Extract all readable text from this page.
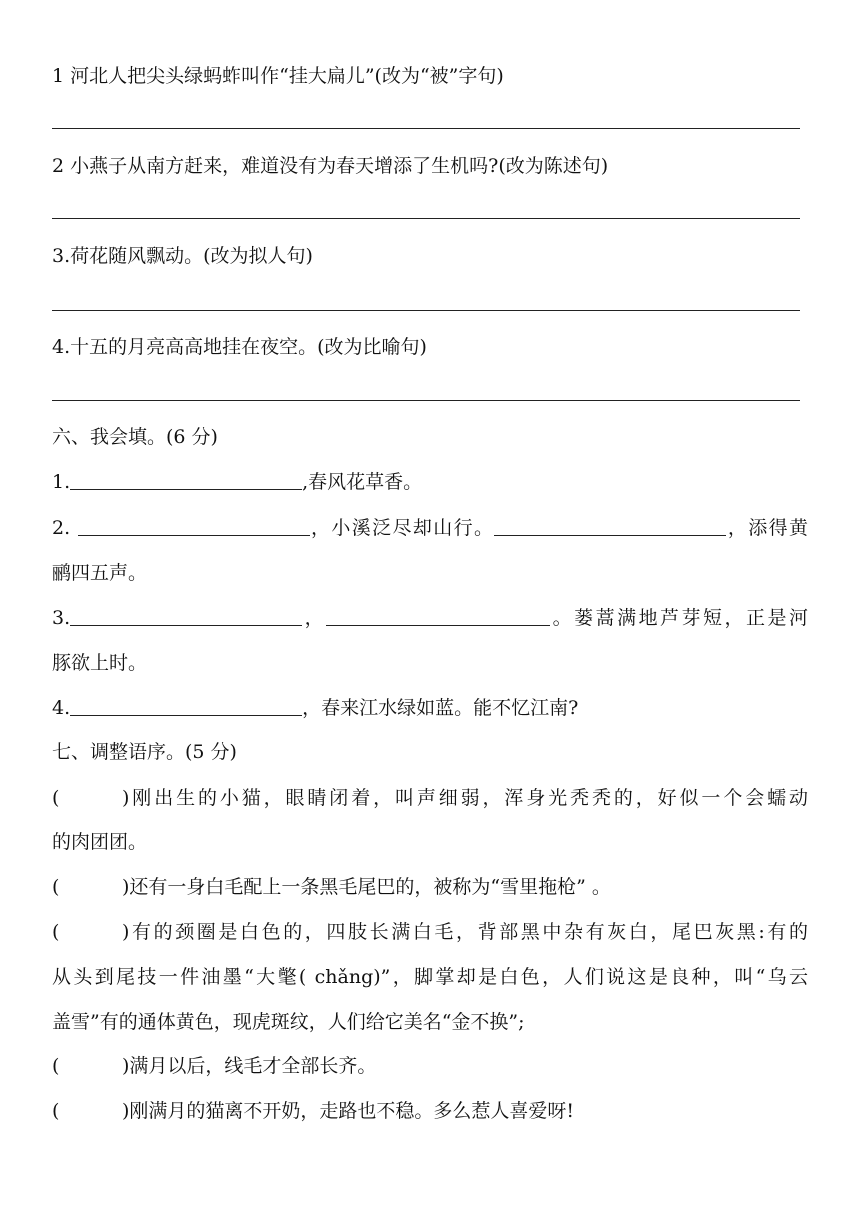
1 河北人把尖头绿蚂蚱叫作“挂大扁儿”(改为“被”字句)
2 小燕子从南方赶来，难道没有为春天增添了生机吗?(改为陈述句)
3.荷花随风飘动。(改为拟人句)
4.十五的月亮高高地挂在夜空。(改为比喻句)
六、我会填。(6 分)
1.	,春风花草香。
2.	，小溪泛尽却山行。	，添得黄
鹂四五声。
3.	，	。蒌蒿满地芦芽短，正是河
豚欲上时。
4.	，春来江水绿如蓝。能不忆江南?
七、调整语序。(5 分)
(	)刚出生的小猫，眼睛闭着，叫声细弱，浑身光秃秃的，好似一个会蠕动
的肉团团。
(	)还有一身白毛配上一条黑毛尾巴的，被称为“雪里拖枪” 。
(	)有的颈圈是白色的，四肢长满白毛，背部黑中杂有灰白，尾巴灰黑:有的
从头到尾技一件油墨“大氅( chǎng)”，脚掌却是白色，人们说这是良种，叫“乌云
盖雪”有的通体黄色，现虎斑纹，人们给它美名“金不换”;
(	)满月以后，线毛才全部长齐。
(	)刚满月的猫离不开奶，走路也不稳。多么惹人喜爱呀!
